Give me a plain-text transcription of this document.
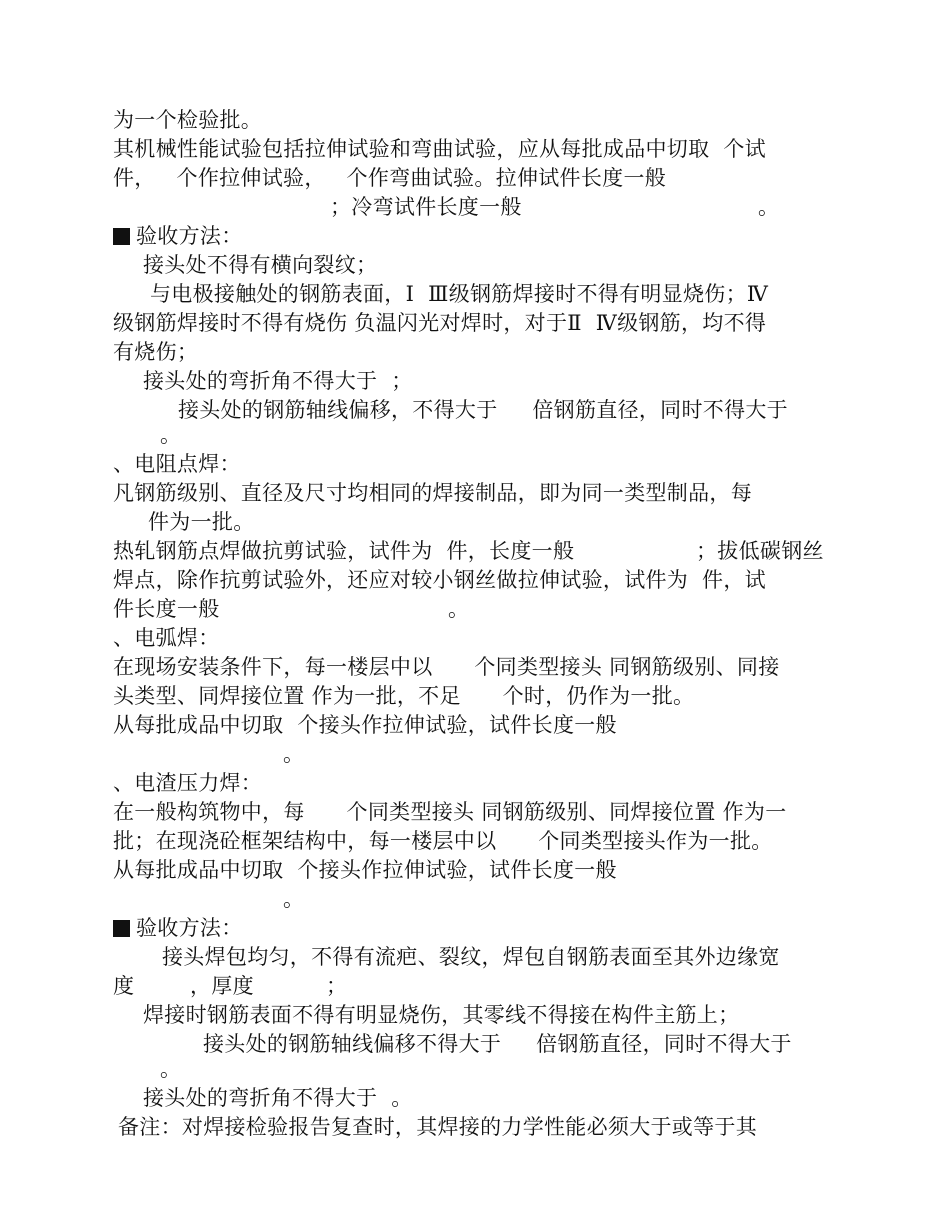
为一个检验批。
其机械性能试验包括拉伸试验和弯曲试验，应从每批成品中切取  个试
件，   个作拉伸试验，   个作弯曲试验。拉伸试件长度一般
；冷弯试件长度一般	。
验收方法：
接头处不得有横向裂纹；
与电极接触处的钢筋表面，Ⅰ  Ⅲ级钢筋焊接时不得有明显烧伤；Ⅳ
级钢筋焊接时不得有烧伤 负温闪光对焊时，对于Ⅱ  Ⅳ级钢筋，均不得
有烧伤；
接头处的弯折角不得大于  ；
接头处的钢筋轴线偏移，不得大于     倍钢筋直径，同时不得大于
。
、电阻点焊：
凡钢筋级别、直径及尺寸均相同的焊接制品，即为同一类型制品，每
件为一批。
热轧钢筋点焊做抗剪试验，试件为  件，长度一般	；拔低碳钢丝
焊点，除作抗剪试验外，还应对较小钢丝做拉伸试验，试件为  件，试
件长度一般	。
、电弧焊：
在现场安装条件下，每一楼层中以      个同类型接头 同钢筋级别、同接
头类型、同焊接位置 作为一批，不足      个时，仍作为一批。
从每批成品中切取  个接头作拉伸试验，试件长度一般
。
、电渣压力焊：
在一般构筑物中，每      个同类型接头 同钢筋级别、同焊接位置 作为一
批；在现浇砼框架结构中，每一楼层中以      个同类型接头作为一批。
从每批成品中切取  个接头作拉伸试验，试件长度一般
。
验收方法：
接头焊包均匀，不得有流疤、裂纹，焊包自钢筋表面至其外边缘宽
度	，厚度	；
焊接时钢筋表面不得有明显烧伤，其零线不得接在构件主筋上；
接头处的钢筋轴线偏移不得大于     倍钢筋直径，同时不得大于
。
接头处的弯折角不得大于  。
备注：对焊接检验报告复查时，其焊接的力学性能必须大于或等于其
